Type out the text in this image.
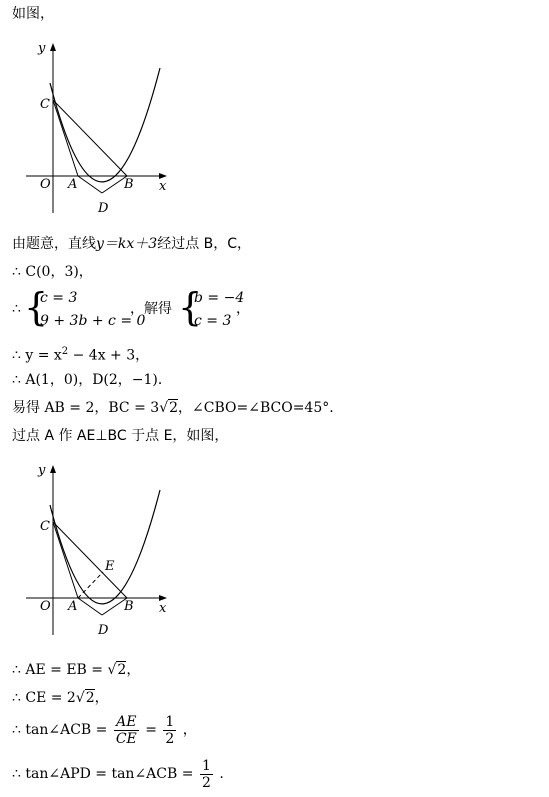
如图，
y
x
C
O A	B
D
由题意，直线y＝kx＋3经过点 B，C，
∴ C(0，3)，
∴ {
c = 3
9 + 3b + c = 0
，解得 {
b = −4
c = 3
，
∴ $y = x^2 - 4x + 3$，
∴ A(1，0)，D(2，−1)．
易得 AB = 2，BC = 3√2，∠CBO=∠BCO=45°.
过点 A 作 AE⊥BC 于点 E，如图，
y
x
C
O A	B
D
E
∴ AE = EB = √2，
∴ CE = 2√2，
∴ tan∠ACB = $\frac{AE}{CE} = \frac{1}{2}$ ，
∴ tan∠APD = tan∠ACB = $\frac{1}{2}$ .
